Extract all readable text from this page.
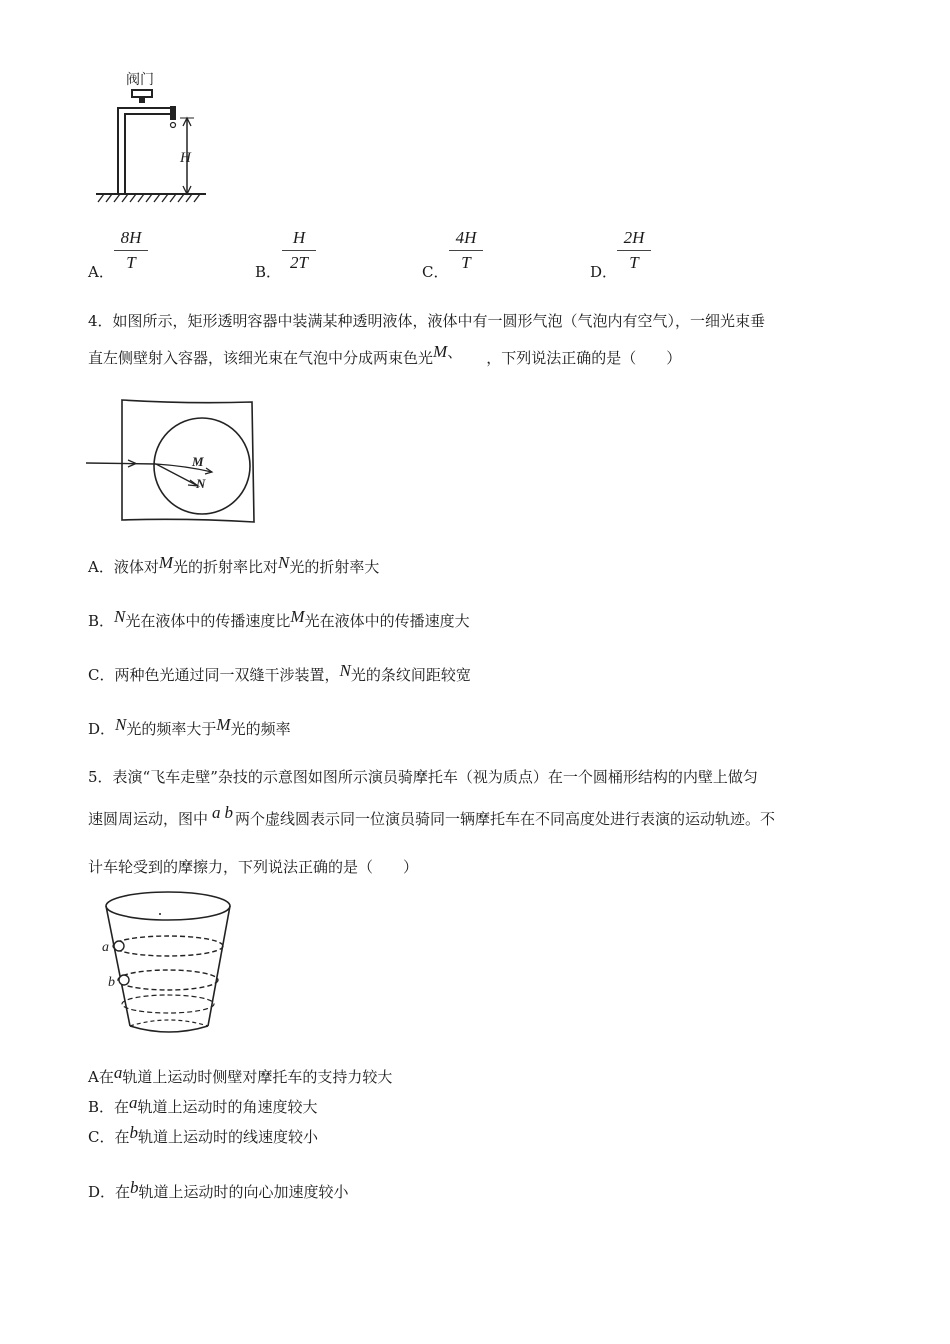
阀门
H
A．
8H
T	B．
H
2T	C．
4H
T	D．
2H
T
4．如图所示，矩形透明容器中装满某种透明液体，液体中有一圆形气泡（气泡内有空气），一细光束垂
直左侧壁射入容器，该细光束在气泡中分成两束色光M、 ，下列说法正确的是（　　）
M
N
A．液体对M光的折射率比对N光的折射率大
B．N光在液体中的传播速度比M光在液体中的传播速度大
C．两种色光通过同一双缝干涉装置，N光的条纹间距较宽
D．N光的频率大于M光的频率
5．表演“飞车走壁”杂技的示意图如图所示演员骑摩托车（视为质点）在一个圆桶形结构的内壁上做匀
速圆周运动，图中 a b 两个虚线圆表示同一位演员骑同一辆摩托车在不同高度处进行表演的运动轨迹。不
计车轮受到的摩擦力，下列说法正确的是（　　）
a
b
A在a轨道上运动时侧壁对摩托车的支持力较大
B．在a轨道上运动时的角速度较大
C．在b轨道上运动时的线速度较小
D．在b轨道上运动时的向心加速度较小
